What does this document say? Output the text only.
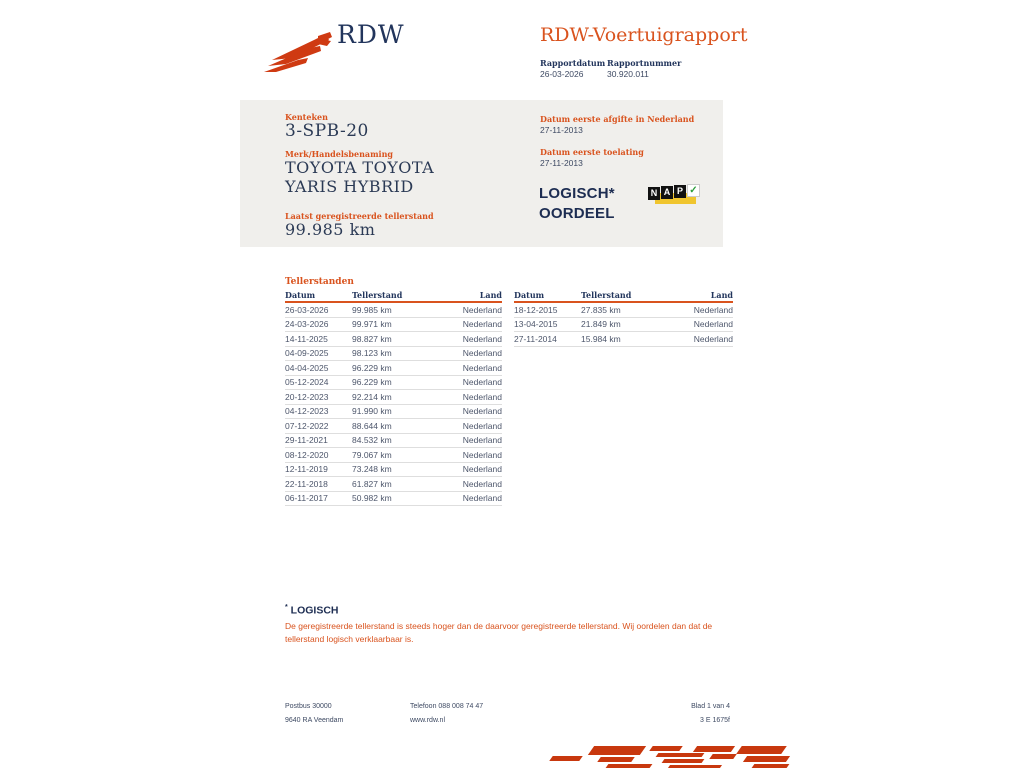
RDW	RDW-Voertuigrapport
Rapportdatum Rapportnummer
26-03-2026	30.920.011
Kenteken
3-SPB-20
Merk/Handelsbenaming
TOYOTA TOYOTA
YARIS HYBRID
Laatst geregistreerde tellerstand
99.985 km
Datum eerste afgifte in Nederland
27-11-2013
Datum eerste toelating
27-11-2013
LOGISCH*
OORDEEL
N A P ✓
Tellerstanden
Datum	Tellerstand	Land
26-03-2026	99.985 km	Nederland
24-03-2026	99.971 km	Nederland
14-11-2025	98.827 km	Nederland
04-09-2025	98.123 km	Nederland
04-04-2025	96.229 km	Nederland
05-12-2024	96.229 km	Nederland
20-12-2023	92.214 km	Nederland
04-12-2023	91.990 km	Nederland
07-12-2022	88.644 km	Nederland
29-11-2021	84.532 km	Nederland
08-12-2020	79.067 km	Nederland
12-11-2019	73.248 km	Nederland
22-11-2018	61.827 km	Nederland
06-11-2017	50.982 km	Nederland
Datum	Tellerstand	Land
18-12-2015	27.835 km	Nederland
13-04-2015	21.849 km	Nederland
27-11-2014	15.984 km	Nederland
* LOGISCH
De geregistreerde tellerstand is steeds hoger dan de daarvoor geregistreerde tellerstand. Wij oordelen dan dat de tellerstand logisch verklaarbaar is.
Postbus 30000
9640 RA Veendam
Telefoon 088 008 74 47
www.rdw.nl
Blad 1 van 4
3 E 1675f
